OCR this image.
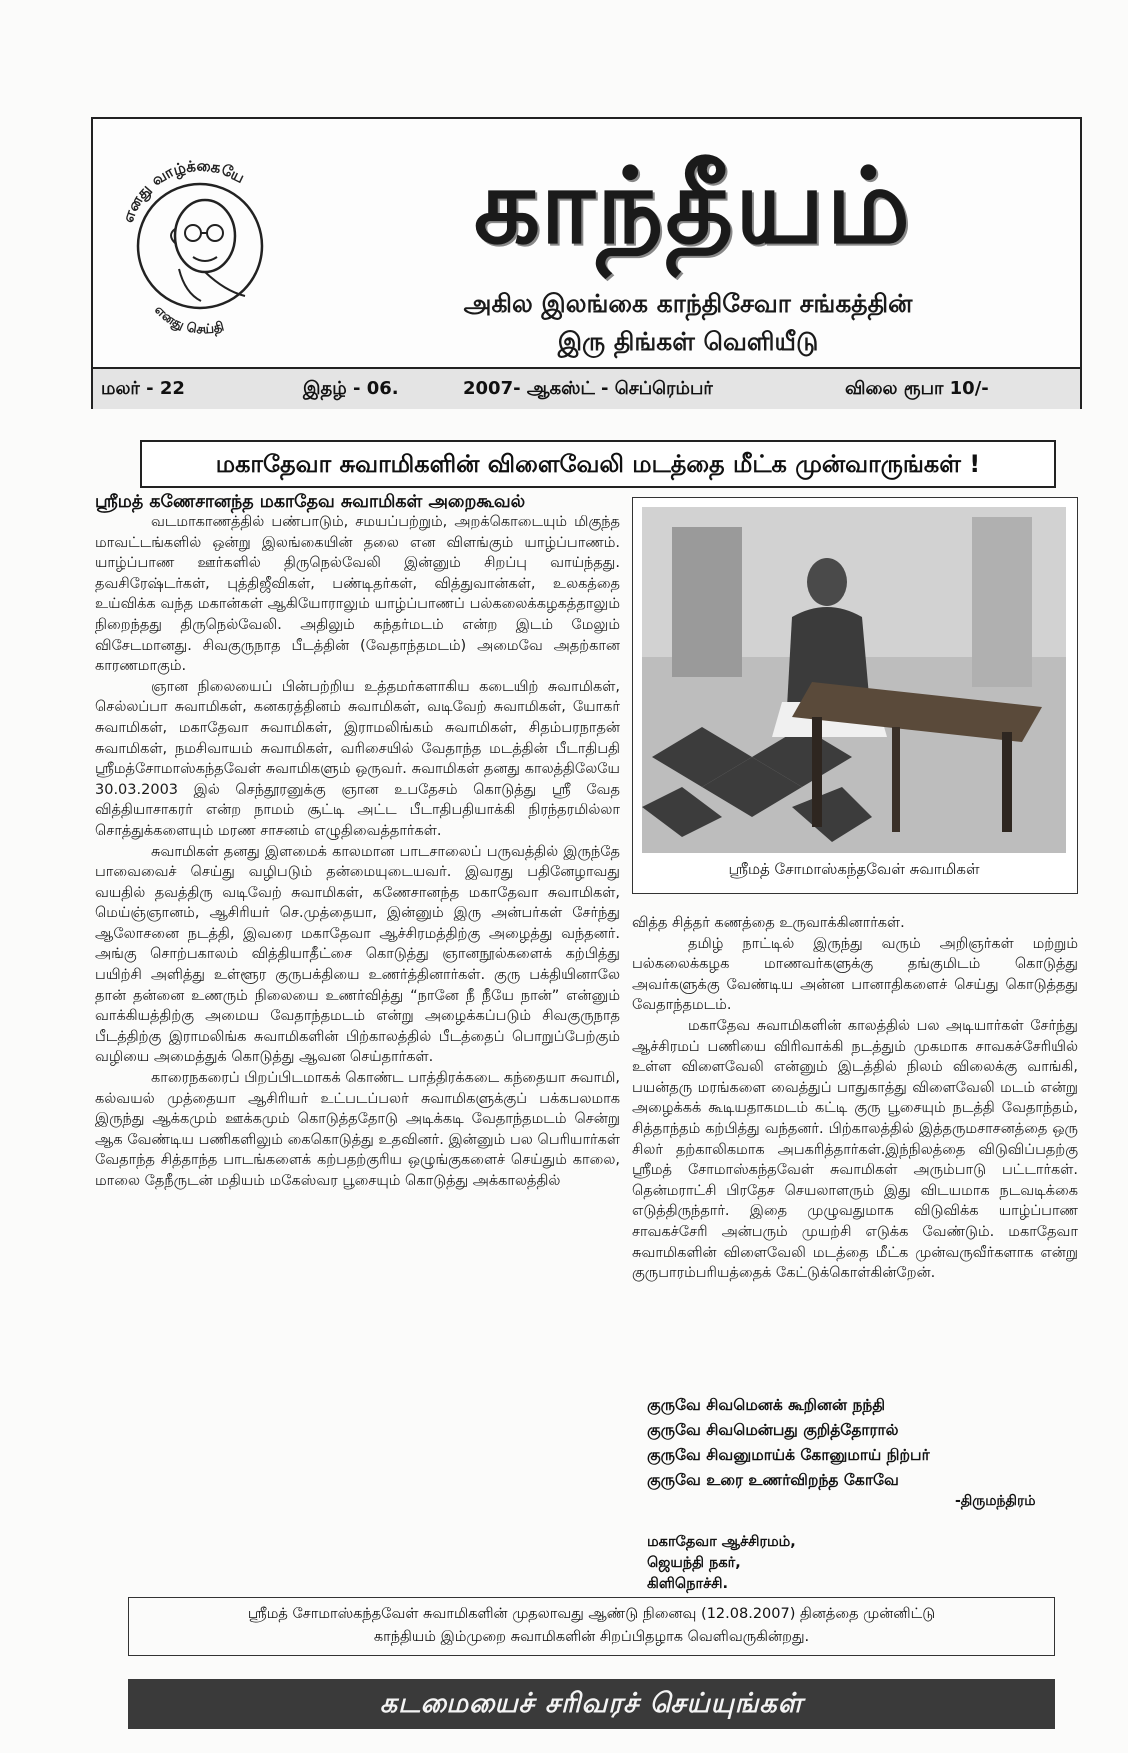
எனது வாழ்க்கையே
எனது செய்தி
காந்தீயம்
அகில இலங்கை காந்திசேவா சங்கத்தின்
இரு திங்கள் வெளியீடு
மலர் - 22	இதழ் - 06.	2007- ஆகஸ்ட் - செப்ரெம்பர்	விலை ரூபா 10/-
மகாதேவா சுவாமிகளின் விளைவேலி மடத்தை மீட்க முன்வாருங்கள் !
ஸ்ரீமத் கணேசானந்த மகாதேவ சுவாமிகள் அறைகூவல்

வடமாகாணத்தில் பண்பாடும், சமயப்பற்றும், அறக்கொடையும் மிகுந்த மாவட்டங்களில் ஒன்று இலங்கையின் தலை என விளங்கும் யாழ்ப்பாணம். யாழ்ப்பாண ஊர்களில் திருநெல்வேலி இன்னும் சிறப்பு வாய்ந்தது. தவசிரேஷ்டர்கள், புத்திஜீவிகள், பண்டிதர்கள், வித்துவான்கள், உலகத்தை உய்விக்க வந்த மகான்கள் ஆகியோராலும் யாழ்ப்பாணப் பல்கலைக்கழகத்தாலும் நிறைந்தது திருநெல்வேலி. அதிலும் கந்தர்மடம் என்ற இடம் மேலும் விசேடமானது. சிவகுருநாத பீடத்தின் (வேதாந்தமடம்) அமைவே அதற்கான காரணமாகும்.

ஞான நிலையைப் பின்பற்றிய உத்தமர்களாகிய கடையிற் சுவாமிகள், செல்லப்பா சுவாமிகள், கனகரத்தினம் சுவாமிகள், வடிவேற் சுவாமிகள், யோகர் சுவாமிகள், மகாதேவா சுவாமிகள், இராமலிங்கம் சுவாமிகள், சிதம்பரநாதன் சுவாமிகள், நமசிவாயம் சுவாமிகள், வரிசையில் வேதாந்த மடத்தின் பீடாதிபதி ஸ்ரீமத்சோமாஸ்கந்தவேள் சுவாமிகளும் ஒருவர். சுவாமிகள் தனது காலத்திலேயே 30.03.2003 இல் செந்தூரனுக்கு ஞான உபதேசம் கொடுத்து ஸ்ரீ வேத வித்தியாசாகரர் என்ற நாமம் சூட்டி அட்ட பீடாதிபதியாக்கி நிரந்தரமில்லா சொத்துக்களையும் மரண சாசனம் எழுதிவைத்தார்கள்.

சுவாமிகள் தனது இளமைக் காலமான பாடசாலைப் பருவத்தில் இருந்தே பாவைவைச் செய்து வழிபடும் தன்மையுடையவர். இவரது பதினேழாவது வயதில் தவத்திரு வடிவேற் சுவாமிகள், கணேசானந்த மகாதேவா சுவாமிகள், மெய்ஞ்ஞானம், ஆசிரியர் செ.முத்தையா, இன்னும் இரு அன்பர்கள் சேர்ந்து ஆலோசனை நடத்தி, இவரை மகாதேவா ஆச்சிரமத்திற்கு அழைத்து வந்தனர். அங்கு சொற்பகாலம் வித்தியாதீட்சை கொடுத்து ஞானநூல்களைக் கற்பித்து பயிற்சி அளித்து உள்ளூர குருபக்தியை உணர்த்தினார்கள். குரு பக்தியினாலே தான் தன்னை உணரும் நிலையை உணர்வித்து “நானே நீ நீயே நான்” என்னும் வாக்கியத்திற்கு அமைய வேதாந்தமடம் என்று அழைக்கப்படும் சிவகுருநாத பீடத்திற்கு இராமலிங்க சுவாமிகளின் பிற்காலத்தில் பீடத்தைப் பொறுப்பேற்கும் வழியை அமைத்துக் கொடுத்து ஆவன செய்தார்கள்.

காரைநகரைப் பிறப்பிடமாகக் கொண்ட பாத்திரக்கடை கந்தையா சுவாமி, கல்வயல் முத்தையா ஆசிரியர் உட்படப்பலர் சுவாமிகளுக்குப் பக்கபலமாக இருந்து ஆக்கமும் ஊக்கமும் கொடுத்ததோடு அடிக்கடி வேதாந்தமடம் சென்று ஆக வேண்டிய பணிகளிலும் கைகொடுத்து உதவினர். இன்னும் பல பெரியார்கள் வேதாந்த சித்தாந்த பாடங்களைக் கற்பதற்குரிய ஒழுங்குகளைச் செய்தும் காலை, மாலை தேநீருடன் மதியம் மகேஸ்வர பூசையும் கொடுத்து அக்காலத்தில்

ஸ்ரீமத் சோமாஸ்கந்தவேள் சுவாமிகள்

வித்த சித்தர் கணத்தை உருவாக்கினார்கள்.

தமிழ் நாட்டில் இருந்து வரும் அறிஞர்கள் மற்றும் பல்கலைக்கழக மாணவர்களுக்கு தங்குமிடம் கொடுத்து அவர்களுக்கு வேண்டிய அன்ன பானாதிகளைச் செய்து கொடுத்தது வேதாந்தமடம்.

மகாதேவ சுவாமிகளின் காலத்தில் பல அடியார்கள் சேர்ந்து ஆச்சிரமப் பணியை விரிவாக்கி நடத்தும் முகமாக சாவகச்சேரியில் உள்ள விளைவேலி என்னும் இடத்தில் நிலம் விலைக்கு வாங்கி, பயன்தரு மரங்களை வைத்துப் பாதுகாத்து விளைவேலி மடம் என்று அழைக்கக் கூடியதாகமடம் கட்டி குரு பூசையும் நடத்தி வேதாந்தம், சித்தாந்தம் கற்பித்து வந்தனர். பிற்காலத்தில் இத்தருமசாசனத்தை ஒரு சிலர் தற்காலிகமாக அபகரித்தார்கள்.இந்நிலத்தை விடுவிப்பதற்கு ஸ்ரீமத் சோமாஸ்கந்தவேள் சுவாமிகள் அரும்பாடு பட்டார்கள். தென்மராட்சி பிரதேச செயலாளரும் இது விடயமாக நடவடிக்கை எடுத்திருந்தார். இதை முழுவதுமாக விடுவிக்க யாழ்ப்பாண சாவகச்சேரி அன்பரும் முயற்சி எடுக்க வேண்டும். மகாதேவா சுவாமிகளின் விளைவேலி மடத்தை மீட்க முன்வருவீர்களாக என்று குருபாரம்பரியத்தைக் கேட்டுக்கொள்கின்றேன்.

குருவே சிவமெனக் கூறினன் நந்தி
குருவே சிவமென்பது குறித்தோரால்
குருவே சிவனுமாய்க் கோனுமாய் நிற்பர்
குருவே உரை உணர்விறந்த கோவே
-திருமந்திரம்
மகாதேவா ஆச்சிரமம்,
ஜெயந்தி நகர்,
கிளிநொச்சி.
ஸ்ரீமத் சோமாஸ்கந்தவேள் சுவாமிகளின் முதலாவது ஆண்டு நினைவு (12.08.2007) தினத்தை முன்னிட்டு
காந்தியம் இம்முறை சுவாமிகளின் சிறப்பிதழாக வெளிவருகின்றது.
கடமையைச் சரிவரச் செய்யுங்கள்
